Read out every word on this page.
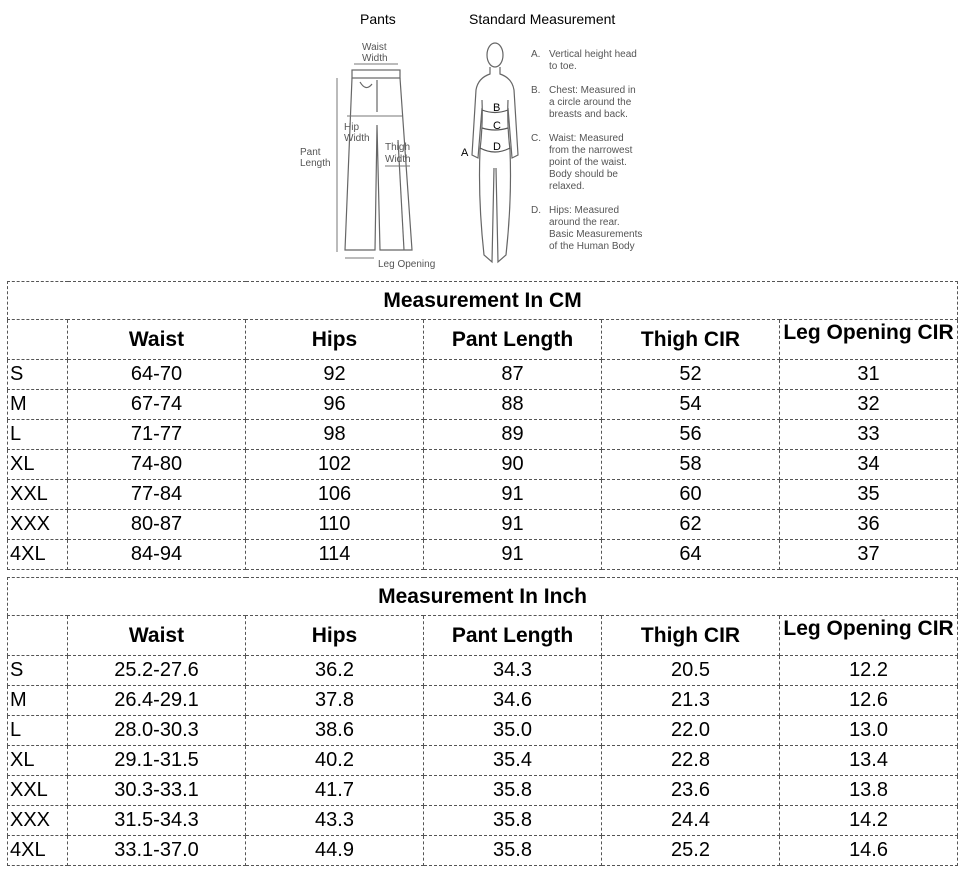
Pants	Standard Measurement
Waist
Width
Hip
Width
Pant
Length
Thigh
Width
Leg Opening
A
B
C
D
A. Vertical height head
to toe.
B. Chest: Measured in
a circle around the
breasts and back.
C. Waist: Measured
from the narrowest
point of the waist.
Body should be
relaxed.
D. Hips: Measured
around the rear.
Basic Measurements
of the Human Body
Measurement In CM					
	Waist	Hips	Pant Length	Thigh CIR	Leg Opening CIR
S	64-70	92	87	52	31
M	67-74	96	88	54	32
L	71-77	98	89	56	33
XL	74-80	102	90	58	34
XXL	77-84	106	91	60	35
XXX	80-87	110	91	62	36
4XL	84-94	114	91	64	37
Measurement In Inch					
	Waist	Hips	Pant Length	Thigh CIR	Leg Opening CIR
S	25.2-27.6	36.2	34.3	20.5	12.2
M	26.4-29.1	37.8	34.6	21.3	12.6
L	28.0-30.3	38.6	35.0	22.0	13.0
XL	29.1-31.5	40.2	35.4	22.8	13.4
XXL	30.3-33.1	41.7	35.8	23.6	13.8
XXX	31.5-34.3	43.3	35.8	24.4	14.2
4XL	33.1-37.0	44.9	35.8	25.2	14.6
